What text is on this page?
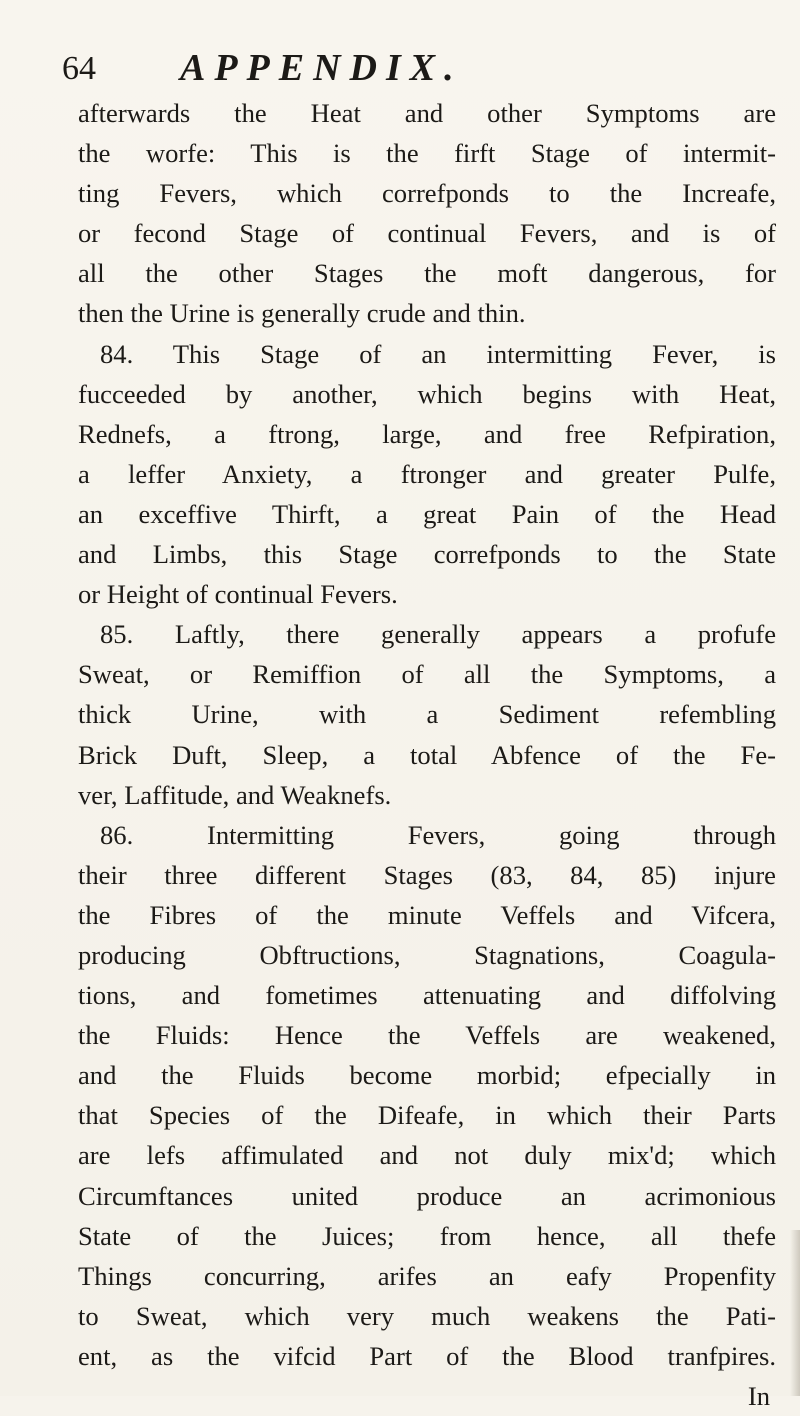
64 APPENDIX.
afterwards the Heat and other Symptoms are
the worfe: This is the firft Stage of intermit-
ting Fevers, which correfponds to the Increafe,
or fecond Stage of continual Fevers, and is of
all the other Stages the moft dangerous, for
then the Urine is generally crude and thin.
84. This Stage of an intermitting Fever, is
fucceeded by another, which begins with Heat,
Rednefs, a ftrong, large, and free Refpiration,
a leffer Anxiety, a ftronger and greater Pulfe,
an exceffive Thirft, a great Pain of the Head
and Limbs, this Stage correfponds to the State
or Height of continual Fevers.
85. Laftly, there generally appears a profufe
Sweat, or Remiffion of all the Symptoms, a
thick Urine, with a Sediment refembling
Brick Duft, Sleep, a total Abfence of the Fe-
ver, Laffitude, and Weaknefs.
86. Intermitting Fevers, going through
their three different Stages (83, 84, 85) injure
the Fibres of the minute Veffels and Vifcera,
producing Obftructions, Stagnations, Coagula-
tions, and fometimes attenuating and diffolving
the Fluids: Hence the Veffels are weakened,
and the Fluids become morbid; efpecially in
that Species of the Difeafe, in which their Parts
are lefs affimulated and not duly mix'd; which
Circumftances united produce an acrimonious
State of the Juices; from hence, all thefe
Things concurring, arifes an eafy Propenfity
to Sweat, which very much weakens the Pati-
ent, as the vifcid Part of the Blood tranfpires.
In
